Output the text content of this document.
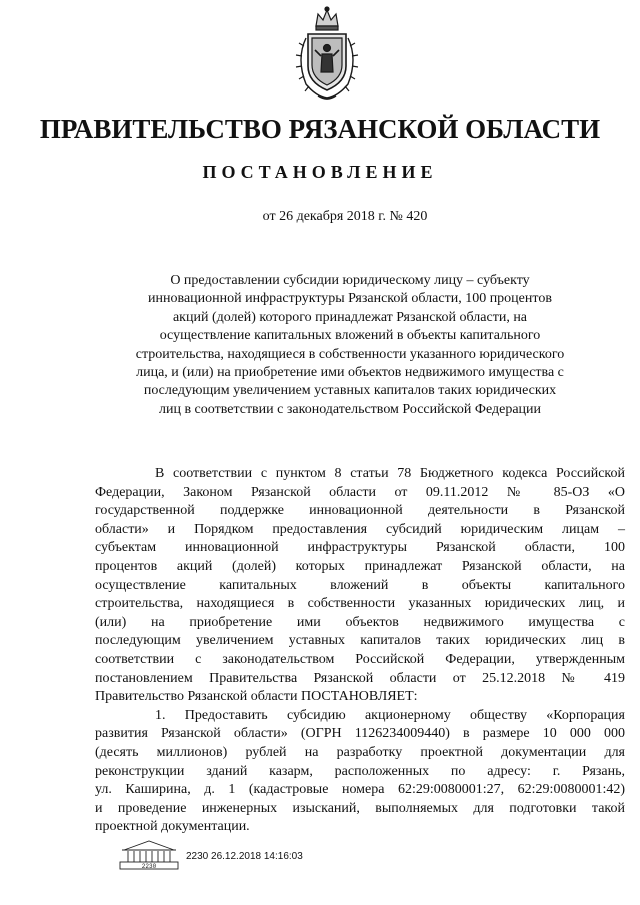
ПРАВИТЕЛЬСТВО РЯЗАНСКОЙ ОБЛАСТИ
ПОСТАНОВЛЕНИЕ
от 26 декабря 2018 г. № 420
О предоставлении субсидии юридическому лицу – субъекту
инновационной инфраструктуры Рязанской области, 100 процентов
акций (долей) которого принадлежат Рязанской области, на
осуществление капитальных вложений в объекты капитального
строительства, находящиеся в собственности указанного юридического
лица, и (или) на приобретение ими объектов недвижимого имущества с
последующим увеличением уставных капиталов таких юридических
лиц в соответствии с законодательством Российской Федерации
В соответствии с пунктом 8 статьи 78 Бюджетного кодекса Российской
Федерации, Законом Рязанской области от 09.11.2012 № 85-ОЗ «О
государственной поддержке инновационной деятельности в Рязанской
области» и Порядком предоставления субсидий юридическим лицам –
субъектам инновационной инфраструктуры Рязанской области, 100
процентов акций (долей) которых принадлежат Рязанской области, на
осуществление капитальных вложений в объекты капитального
строительства, находящиеся в собственности указанных юридических лиц, и
(или) на приобретение ими объектов недвижимого имущества с
последующим увеличением уставных капиталов таких юридических лиц в
соответствии с законодательством Российской Федерации, утвержденным
постановлением Правительства Рязанской области от 25.12.2018 № 419
Правительство Рязанской области ПОСТАНОВЛЯЕТ:
1. Предоставить субсидию акционерному обществу «Корпорация
развития Рязанской области» (ОГРН 1126234009440) в размере 10 000 000
(десять миллионов) рублей на разработку проектной документации для
реконструкции зданий казарм, расположенных по адресу: г. Рязань,
ул. Каширина, д. 1 (кадастровые номера 62:29:0080001:27, 62:29:0080001:42)
и проведение инженерных изысканий, выполняемых для подготовки такой
проектной документации.
2230
2230 26.12.2018 14:16:03
